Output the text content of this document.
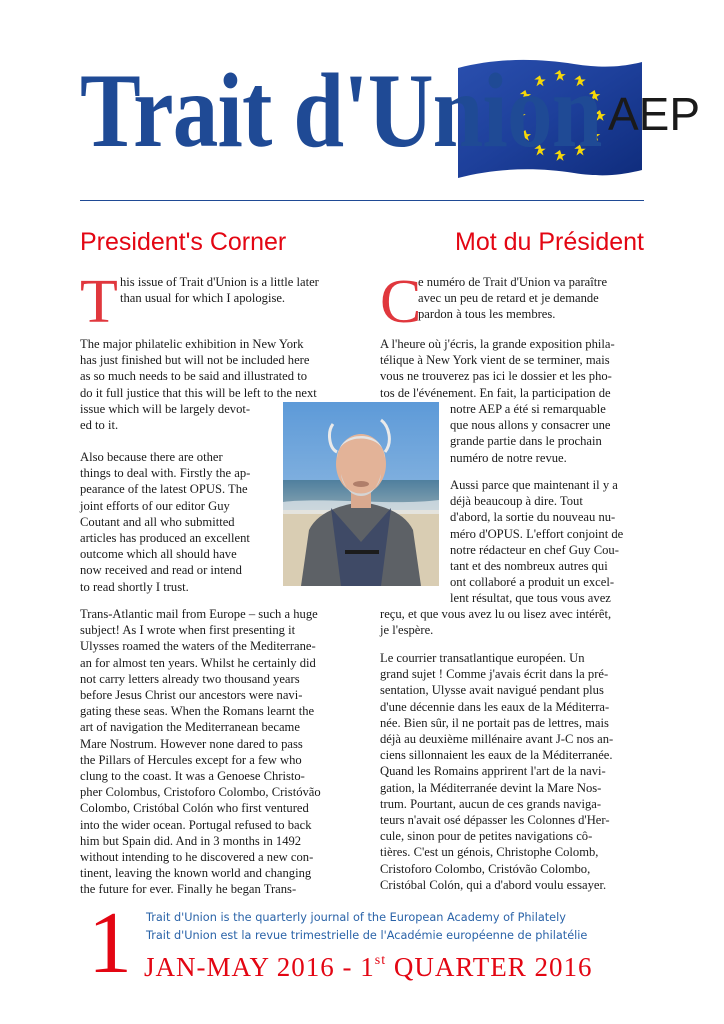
Trait d'Union AEP
President's Corner	Mot du Président
T his issue of Trait d'Union is a little later
than usual for which I apologise.

The major philatelic exhibition in New York
has just finished but will not be included here
as so much needs to be said and illustrated to
do it full justice that this will be left to the next

issue which will be largely devot-
ed to it.

Also because there are other
things to deal with. Firstly the ap-
pearance of the latest OPUS. The
joint efforts of our editor Guy
Coutant and all who submitted
articles has produced an excellent
outcome which all should have
now received and read or intend
to read shortly I trust.

Trans-Atlantic mail from Europe – such a huge
subject! As I wrote when first presenting it
Ulysses roamed the waters of the Mediterrane-
an for almost ten years. Whilst he certainly did
not carry letters already two thousand years
before Jesus Christ our ancestors were navi-
gating these seas. When the Romans learnt the
art of navigation the Mediterranean became
Mare Nostrum. However none dared to pass
the Pillars of Hercules except for a few who
clung to the coast. It was a Genoese Christo-
pher Colombus, Cristoforo Colombo, Cristóvão
Colombo, Cristóbal Colón who first ventured
into the wider ocean. Portugal refused to back
him but Spain did. And in 3 months in 1492
without intending to he discovered a new con-
tinent, leaving the known world and changing
the future for ever. Finally he began Trans-

C

e numéro de Trait d'Union va paraître
avec un peu de retard et je demande
pardon à tous les membres.

A l'heure où j'écris, la grande exposition phila-
télique à New York vient de se terminer, mais
vous ne trouverez pas ici le dossier et les pho-
tos de l'événement. En fait, la participation de

notre AEP a été si remarquable
que nous allons y consacrer une
grande partie dans le prochain
numéro de notre revue.

Aussi parce que maintenant il y a
déjà beaucoup à dire. Tout
d'abord, la sortie du nouveau nu-
méro d'OPUS. L'effort conjoint de
notre rédacteur en chef Guy Cou-
tant et des nombreux autres qui
ont collaboré a produit un excel-
lent résultat, que tous vous avez

reçu, et que vous avez lu ou lisez avec intérêt,
je l'espère.

Le courrier transatlantique européen. Un
grand sujet ! Comme j'avais écrit dans la pré-
sentation, Ulysse avait navigué pendant plus
d'une décennie dans les eaux de la Méditerra-
née. Bien sûr, il ne portait pas de lettres, mais
déjà au deuxième millénaire avant J-C nos an-
ciens sillonnaient les eaux de la Méditerranée.
Quand les Romains apprirent l'art de la navi-
gation, la Méditerranée devint la Mare Nos-
trum. Pourtant, aucun de ces grands naviga-
teurs n'avait osé dépasser les Colonnes d'Her-
cule, sinon pour de petites navigations cô-
tières. C'est un génois, Christophe Colomb,
Cristoforo Colombo, Cristóvão Colombo,
Cristóbal Colón, qui a d'abord voulu essayer.

1 Trait d'Union is the quarterly journal of the European Academy of Philately
Trait d'Union est la revue trimestrielle de l'Académie européenne de philatélie
JAN-MAY 2016 - 1st QUARTER 2016
